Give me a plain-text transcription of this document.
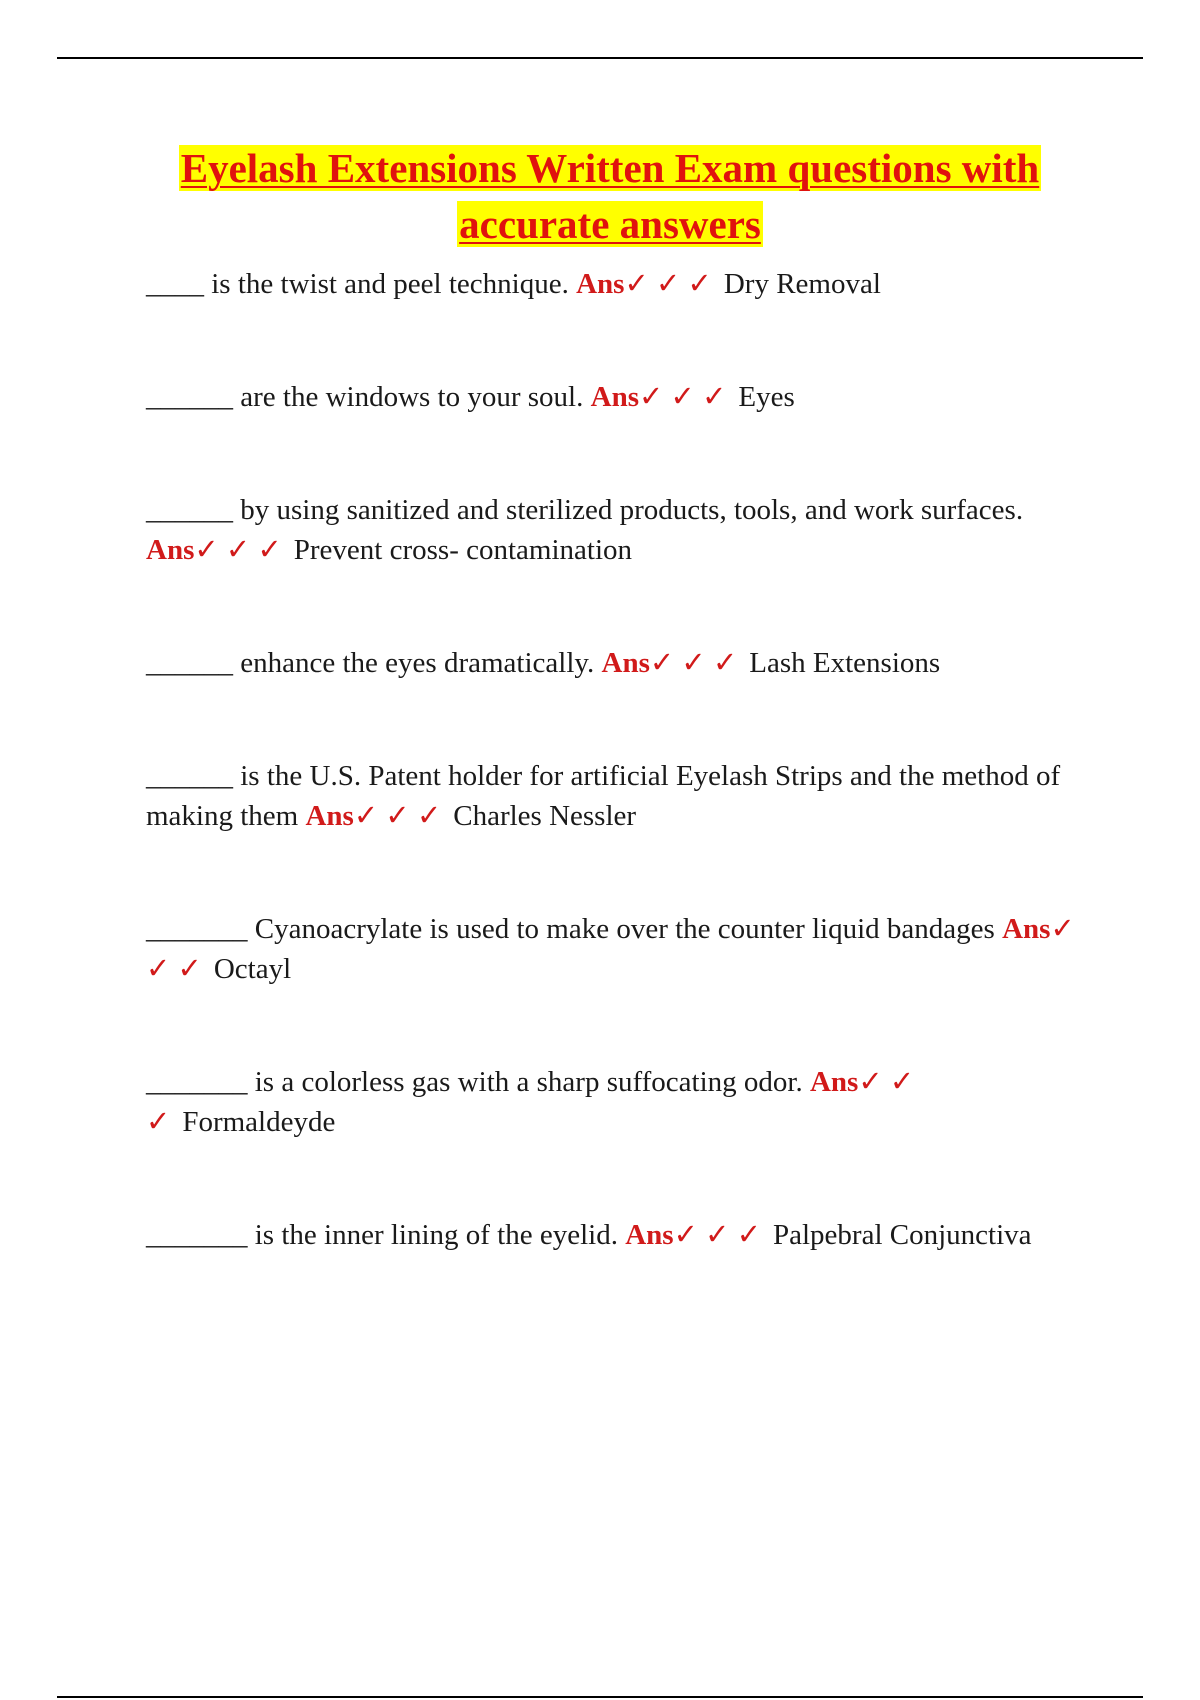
Eyelash Extensions Written Exam questions with
accurate answers
____ is the twist and peel technique. Ans✓ ✓ ✓ Dry Removal
______ are the windows to your soul. Ans✓ ✓ ✓ Eyes
______ by using sanitized and sterilized products, tools, and work surfaces. Ans✓ ✓ ✓ Prevent cross- contamination
______ enhance the eyes dramatically. Ans✓ ✓ ✓ Lash Extensions
______ is the U.S. Patent holder for artificial Eyelash Strips and the method of making them Ans✓ ✓ ✓ Charles Nessler
_______ Cyanoacrylate is used to make over the counter liquid bandages Ans✓ ✓ ✓ Octayl
_______ is a colorless gas with a sharp suffocating odor. Ans✓ ✓ ✓ Formaldeyde
_______ is the inner lining of the eyelid. Ans✓ ✓ ✓ Palpebral Conjunctiva
